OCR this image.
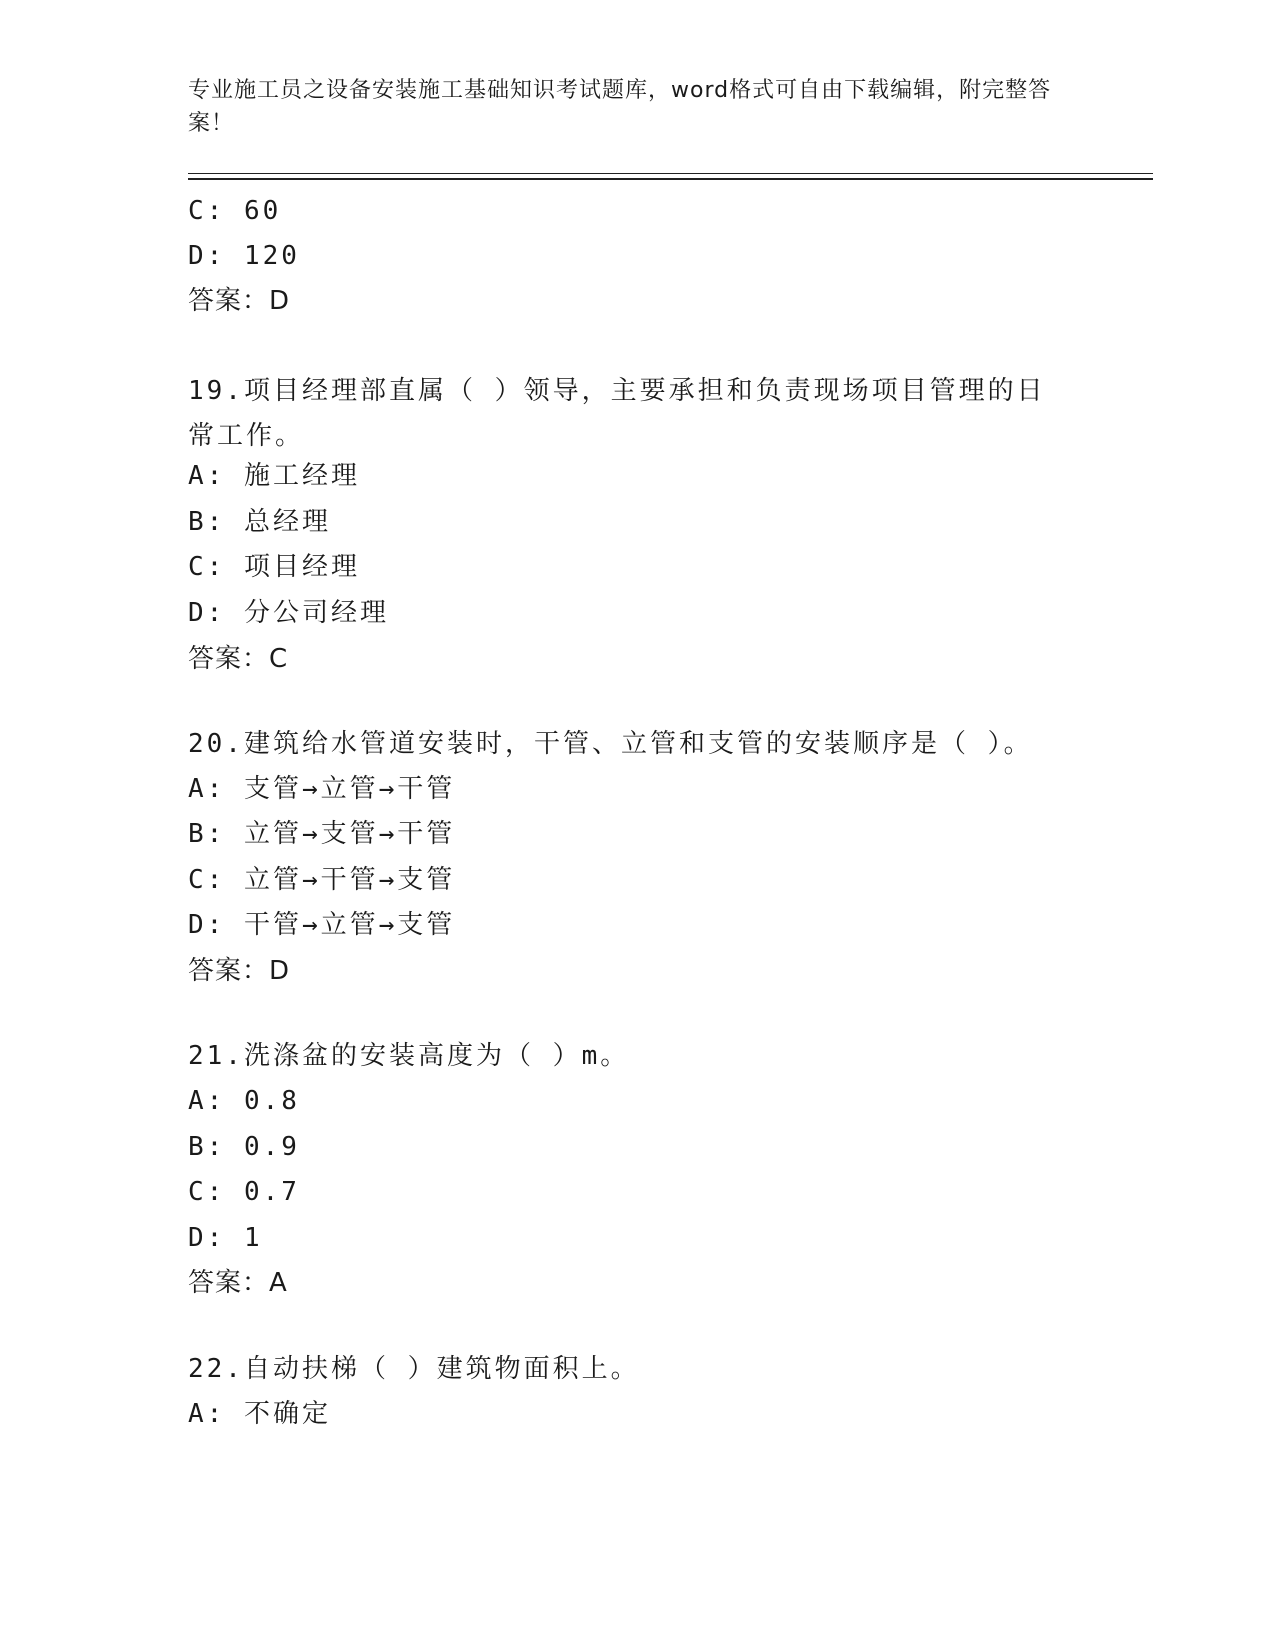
专业施工员之设备安装施工基础知识考试题库，word格式可自由下载编辑，附完整答案！
C: 60
D: 120
答案：D
19.项目经理部直属（ ）领导，主要承担和负责现场项目管理的日常工作。
A: 施工经理
B: 总经理
C: 项目经理
D: 分公司经理
答案：C
20.建筑给水管道安装时，干管、立管和支管的安装顺序是（ ）。
A: 支管→立管→干管
B: 立管→支管→干管
C: 立管→干管→支管
D: 干管→立管→支管
答案：D
21.洗涤盆的安装高度为（ ）m。
A: 0.8
B: 0.9
C: 0.7
D: 1
答案：A
22.自动扶梯（ ）建筑物面积上。
A: 不确定
